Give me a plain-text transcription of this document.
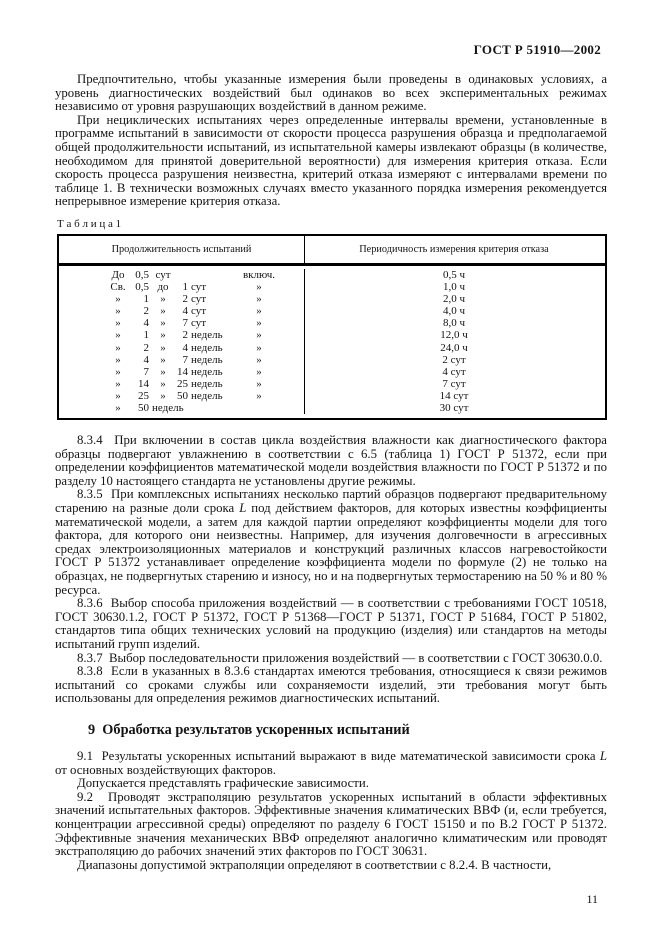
ГОСТ Р 51910—2002

Предпочтительно, чтобы указанные измерения были проведены в одинаковых условиях, а уровень диагностических воздействий был одинаков во всех экспериментальных режимах независимо от уровня разрушающих воздействий в данном режиме.

При нециклических испытаниях через определенные интервалы времени, установленные в программе испытаний в зависимости от скорости процесса разрушения образца и предполагаемой общей продолжительности испытаний, из испытательной камеры извлекают образцы (в количестве, необходимом для принятой доверительной вероятности) для измерения критерия отказа. Если скорость процесса разрушения неизвестна, критерий отказа измеряют с интервалами времени по таблице 1. В технически возможных случаях вместо указанного порядка измерения рекомендуется непрерывное измерение критерия отказа.

Т а б л и ц а 1
Продолжительность испытаний	Периодичность измерения критерия отказа
До 0,5 сут	включ.	0,5 ч
Св. 0,5 до 1 сут	»	1,0 ч
» 1 » 2 сут	»	2,0 ч
» 2 » 4 сут	»	4,0 ч
» 4 » 7 сут	»	8,0 ч
» 1 » 2 недель	»	12,0 ч
» 2 » 4 недель	»	24,0 ч
» 4 » 7 недель	»	2 сут
» 7 » 14 недель	»	4 сут
» 14 » 25 недель	»	7 сут
» 25 » 50 недель	»	14 сут
» 50 недель	30 сут

8.3.4  При включении в состав цикла воздействия влажности как диагностического фактора образцы подвергают увлажнению в соответствии с 6.5 (таблица 1) ГОСТ Р 51372, если при определении коэффициентов математической модели воздействия влажности по ГОСТ Р 51372 и по разделу 10 настоящего стандарта не установлены другие режимы.

8.3.5  При комплексных испытаниях несколько партий образцов подвергают предварительному старению на разные доли срока L под действием факторов, для которых известны коэффициенты математической модели, а затем для каждой партии определяют коэффициенты модели для того фактора, для которого они неизвестны. Например, для изучения долговечности в агрессивных средах электроизоляционных материалов и конструкций различных классов нагревостойкости ГОСТ Р 51372 устанавливает определение коэффициента модели по формуле (2) не только на образцах, не подвергнутых старению и износу, но и на подвергнутых термостарению на 50 % и 80 % ресурса.

8.3.6  Выбор способа приложения воздействий — в соответствии с требованиями ГОСТ 10518, ГОСТ 30630.1.2, ГОСТ Р 51372, ГОСТ Р 51368—ГОСТ Р 51371, ГОСТ Р 51684, ГОСТ Р 51802, стандартов типа общих технических условий на продукцию (изделия) или стандартов на методы испытаний групп изделий.

8.3.7  Выбор последовательности приложения воздействий — в соответствии с ГОСТ 30630.0.0.

8.3.8  Если в указанных в 8.3.6 стандартах имеются требования, относящиеся к связи режимов испытаний со сроками службы или сохраняемости изделий, эти требования могут быть использованы для определения режимов диагностических испытаний.

9  Обработка результатов ускоренных испытаний

9.1  Результаты ускоренных испытаний выражают в виде математической зависимости срока L от основных воздействующих факторов.

Допускается представлять графические зависимости.

9.2  Проводят экстраполяцию результатов ускоренных испытаний в области эффективных значений испытательных факторов. Эффективные значения климатических ВВФ (и, если требуется, концентрации агрессивной среды) определяют по разделу 6 ГОСТ 15150 и по В.2 ГОСТ Р 51372. Эффективные значения механических ВВФ определяют аналогично климатическим или проводят экстраполяцию до рабочих значений этих факторов по ГОСТ 30631.

Диапазоны допустимой эктраполяции определяют в соответствии с 8.2.4. В частности,

11
